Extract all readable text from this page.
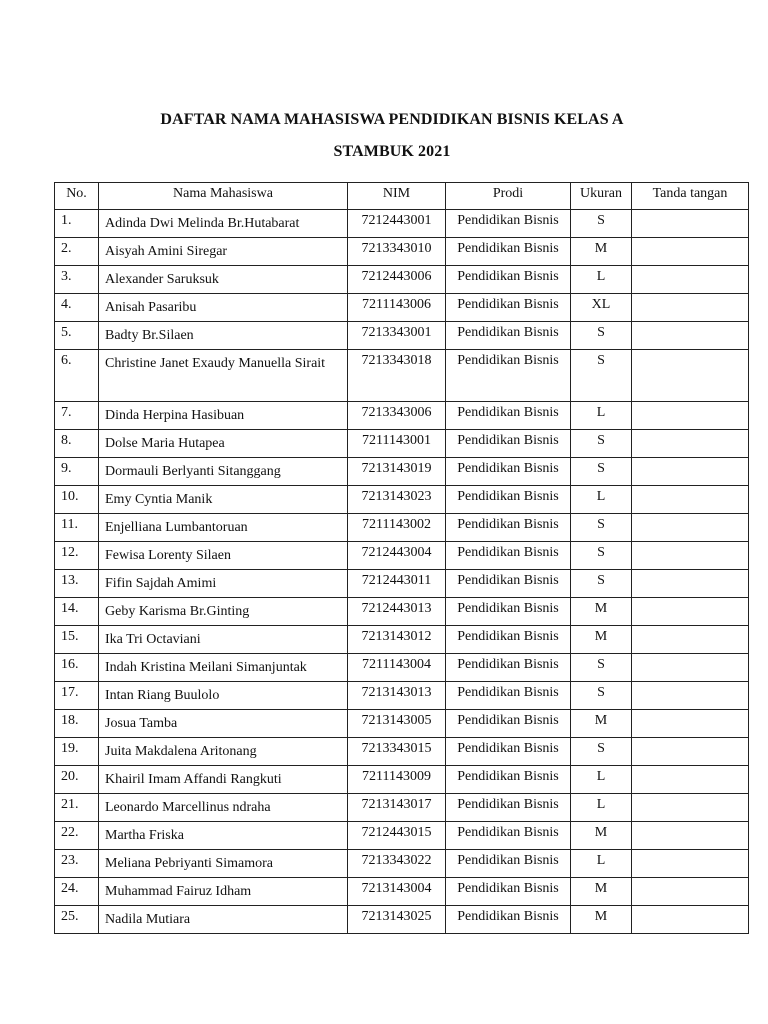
DAFTAR NAMA MAHASISWA PENDIDIKAN BISNIS KELAS A
STAMBUK 2021
No.	Nama Mahasiswa	NIM	Prodi	Ukuran	Tanda tangan
1.	Adinda Dwi Melinda Br.Hutabarat	7212443001	Pendidikan Bisnis	S	
2.	Aisyah Amini Siregar	7213343010	Pendidikan Bisnis	M	
3.	Alexander Saruksuk	7212443006	Pendidikan Bisnis	L	
4.	Anisah Pasaribu	7211143006	Pendidikan Bisnis	XL	
5.	Badty Br.Silaen	7213343001	Pendidikan Bisnis	S	
6.	Christine Janet Exaudy Manuella Sirait	7213343018	Pendidikan Bisnis	S	
7.	Dinda Herpina Hasibuan	7213343006	Pendidikan Bisnis	L	
8.	Dolse Maria Hutapea	7211143001	Pendidikan Bisnis	S	
9.	Dormauli Berlyanti Sitanggang	7213143019	Pendidikan Bisnis	S	
10.	Emy Cyntia Manik	7213143023	Pendidikan Bisnis	L	
11.	Enjelliana Lumbantoruan	7211143002	Pendidikan Bisnis	S	
12.	Fewisa Lorenty Silaen	7212443004	Pendidikan Bisnis	S	
13.	Fifin Sajdah Amimi	7212443011	Pendidikan Bisnis	S	
14.	Geby Karisma Br.Ginting	7212443013	Pendidikan Bisnis	M	
15.	Ika Tri Octaviani	7213143012	Pendidikan Bisnis	M	
16.	Indah Kristina Meilani Simanjuntak	7211143004	Pendidikan Bisnis	S	
17.	Intan Riang Buulolo	7213143013	Pendidikan Bisnis	S	
18.	Josua Tamba	7213143005	Pendidikan Bisnis	M	
19.	Juita Makdalena Aritonang	7213343015	Pendidikan Bisnis	S	
20.	Khairil Imam Affandi Rangkuti	7211143009	Pendidikan Bisnis	L	
21.	Leonardo Marcellinus ndraha	7213143017	Pendidikan Bisnis	L	
22.	Martha Friska	7212443015	Pendidikan Bisnis	M	
23.	Meliana Pebriyanti Simamora	7213343022	Pendidikan Bisnis	L	
24.	Muhammad Fairuz Idham	7213143004	Pendidikan Bisnis	M	
25.	Nadila Mutiara	7213143025	Pendidikan Bisnis	M	
